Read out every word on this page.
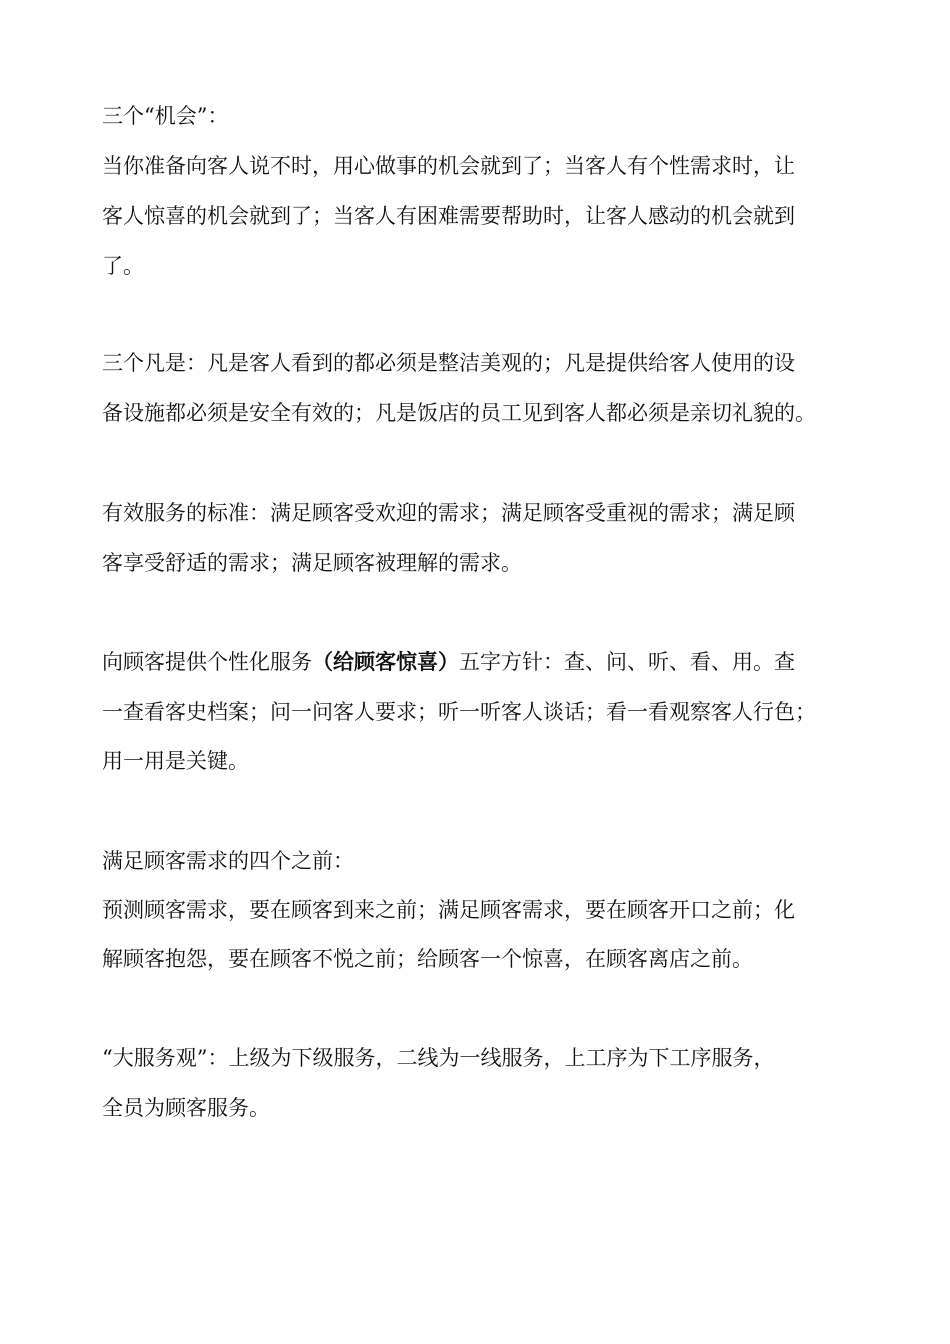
三个“机会”：

当你准备向客人说不时，用心做事的机会就到了；当客人有个性需求时，让

客人惊喜的机会就到了；当客人有困难需要帮助时，让客人感动的机会就到

了。

三个凡是：凡是客人看到的都必须是整洁美观的；凡是提供给客人使用的设

备设施都必须是安全有效的；凡是饭店的员工见到客人都必须是亲切礼貌的。

有效服务的标准：满足顾客受欢迎的需求；满足顾客受重视的需求；满足顾

客享受舒适的需求；满足顾客被理解的需求。

向顾客提供个性化服务（给顾客惊喜）五字方针：查、问、听、看、用。查

一查看客史档案；问一问客人要求；听一听客人谈话；看一看观察客人行色；

用一用是关键。

满足顾客需求的四个之前：

预测顾客需求，要在顾客到来之前；满足顾客需求，要在顾客开口之前；化

解顾客抱怨，要在顾客不悦之前；给顾客一个惊喜，在顾客离店之前。

“大服务观”：上级为下级服务，二线为一线服务，上工序为下工序服务，

全员为顾客服务。
